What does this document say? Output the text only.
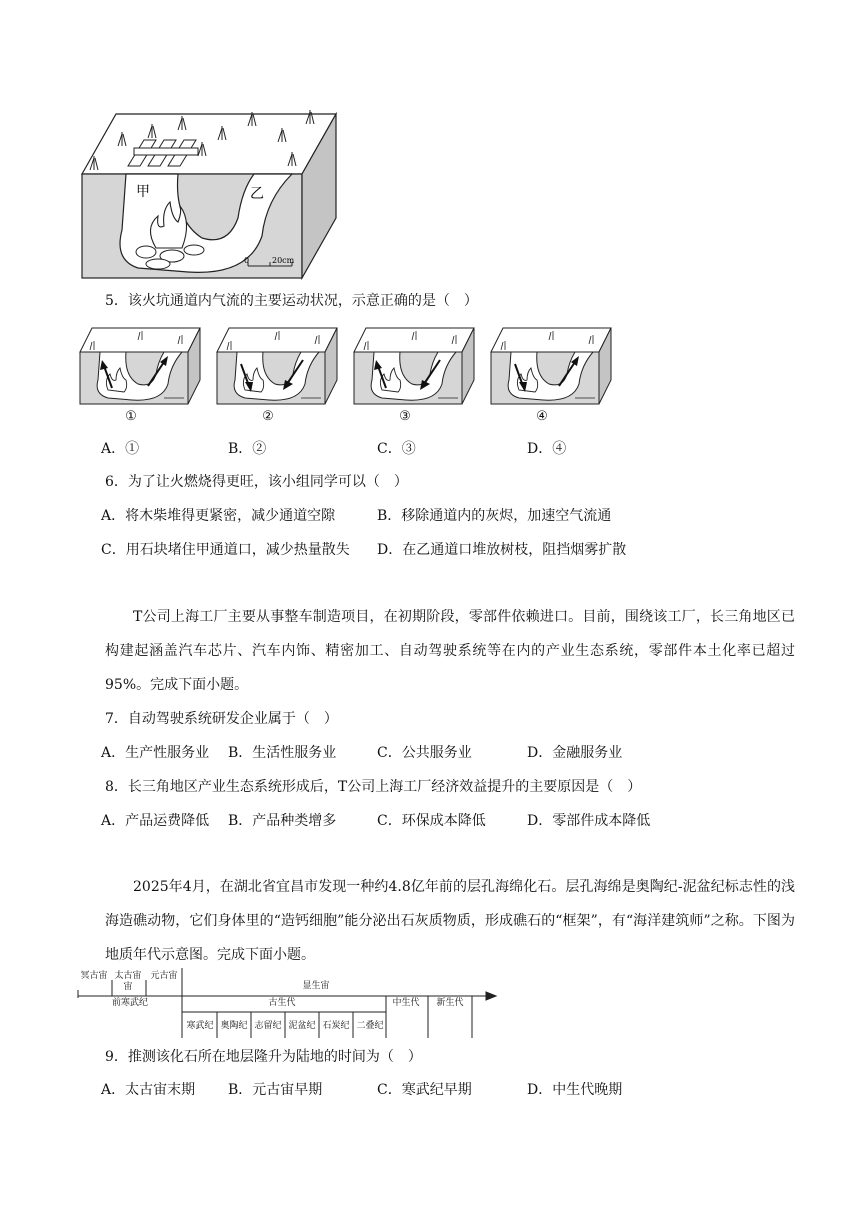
甲	乙
0	20cm
5．该火坑通道内气流的主要运动状况，示意正确的是（　）
①	②	③	④
A．①	B．②	C．③	D．④
6．为了让火燃烧得更旺，该小组同学可以（　）
A．将木柴堆得更紧密，减少通道空隙	B．移除通道内的灰烬，加速空气流通
C．用石块堵住甲通道口，减少热量散失 D．在乙通道口堆放树枝，阻挡烟雾扩散
T公司上海工厂主要从事整车制造项目，在初期阶段，零部件依赖进口。目前，围绕该工厂，长三角地区已构建起涵盖汽车芯片、汽车内饰、精密加工、自动驾驶系统等在内的产业生态系统，零部件本土化率已超过95%。完成下面小题。
7．自动驾驶系统研发企业属于（　）
A．生产性服务业 B．生活性服务业	C．公共服务业	D．金融服务业
8．长三角地区产业生态系统形成后，T公司上海工厂经济效益提升的主要原因是（　）
A．产品运费降低 B．产品种类增多	C．环保成本降低	D．零部件成本降低
2025年4月，在湖北省宜昌市发现一种约4.8亿年前的层孔海绵化石。层孔海绵是奥陶纪-泥盆纪标志性的浅海造礁动物，它们身体里的“造钙细胞”能分泌出石灰质物质，形成礁石的“框架”，有“海洋建筑师”之称。下图为地质年代示意图。完成下面小题。
冥古宙 太古宙 元古宙
显生宙
前寒武纪	古生代	中生代 新生代
寒武纪 奥陶纪 志留纪 泥盆纪 石炭纪 二叠纪
宙
9．推测该化石所在地层隆升为陆地的时间为（　）
A．太古宙末期 B．元古宙早期	C．寒武纪早期	D．中生代晚期
